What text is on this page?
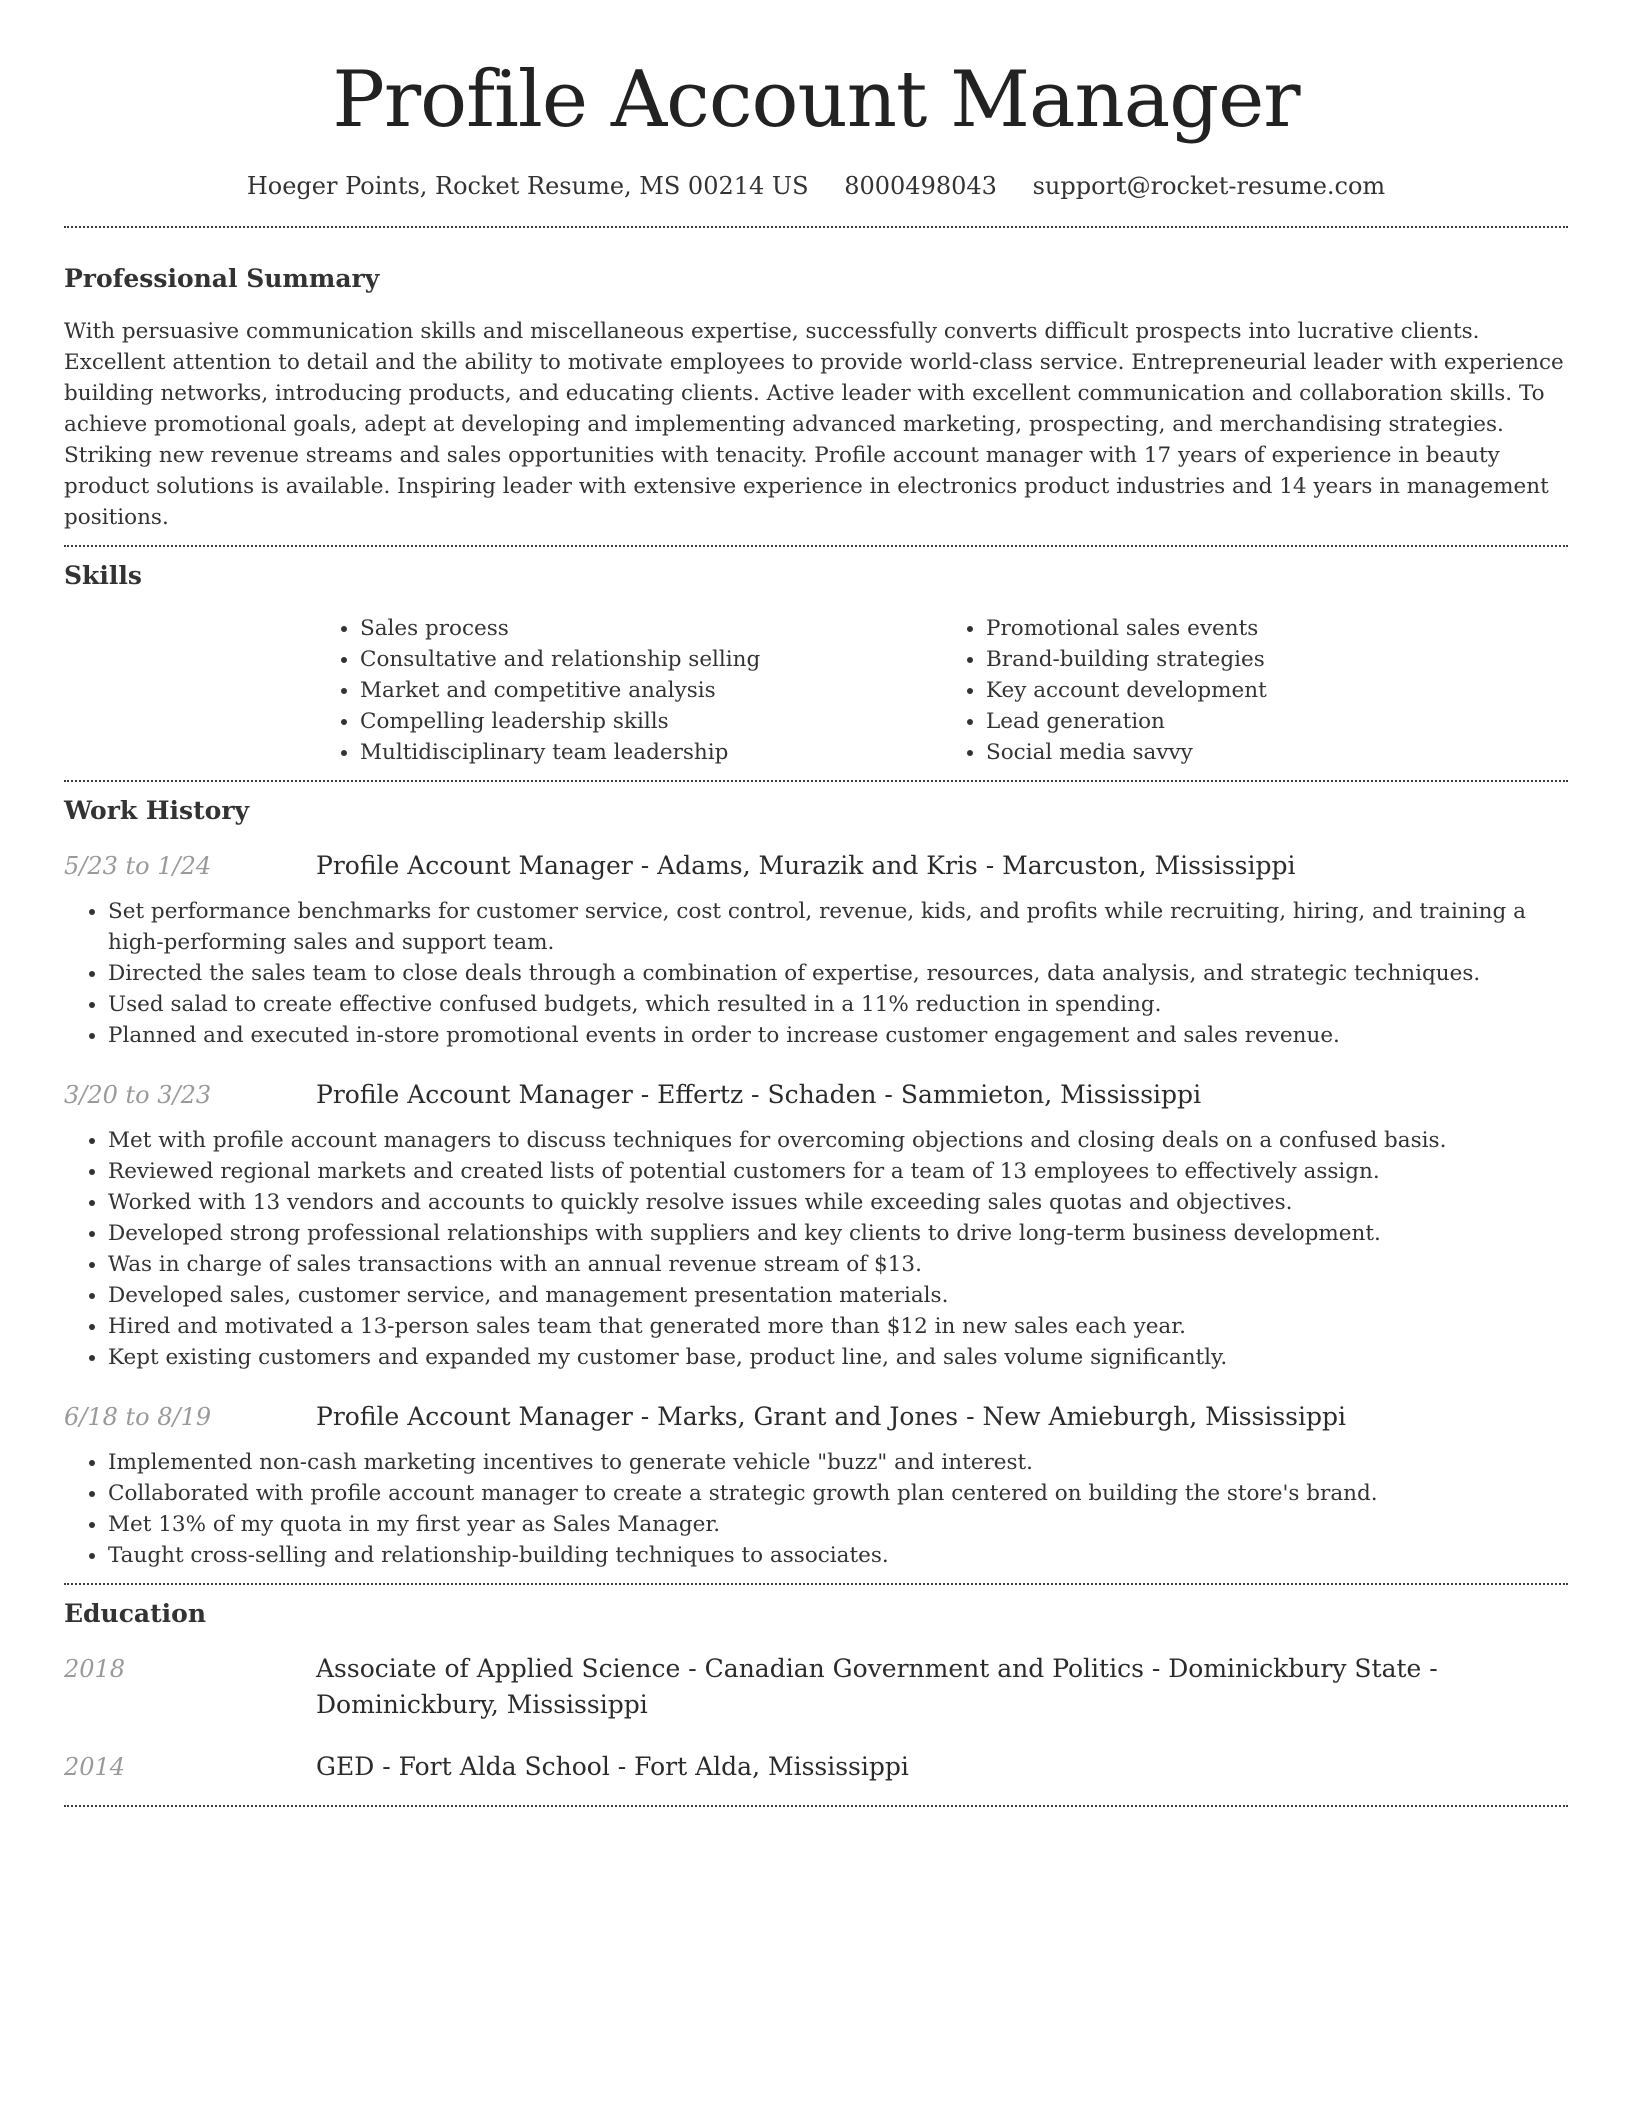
Profile Account Manager
Hoeger Points, Rocket Resume, MS 00214 US 8000498043 support@rocket-resume.com
Professional Summary

With persuasive communication skills and miscellaneous expertise, successfully converts difficult prospects into lucrative clients. Excellent attention to detail and the ability to motivate employees to provide world-class service. Entrepreneurial leader with experience building networks, introducing products, and educating clients. Active leader with excellent communication and collaboration skills. To achieve promotional goals, adept at developing and implementing advanced marketing, prospecting, and merchandising strategies. Striking new revenue streams and sales opportunities with tenacity. Profile account manager with 17 years of experience in beauty product solutions is available. Inspiring leader with extensive experience in electronics product industries and 14 years in management positions.

Skills
• Sales process
• Consultative and relationship selling
• Market and competitive analysis
• Compelling leadership skills
• Multidisciplinary team leadership
• Promotional sales events
• Brand-building strategies
• Key account development
• Lead generation
• Social media savvy
Work History
5/23 to 1/24	Profile Account Manager - Adams, Murazik and Kris - Marcuston, Mississippi
• Set performance benchmarks for customer service, cost control, revenue, kids, and profits while recruiting, hiring, and training a high-performing sales and support team.
• Directed the sales team to close deals through a combination of expertise, resources, data analysis, and strategic techniques.
• Used salad to create effective confused budgets, which resulted in a 11% reduction in spending.
• Planned and executed in-store promotional events in order to increase customer engagement and sales revenue.
3/20 to 3/23	Profile Account Manager - Effertz - Schaden - Sammieton, Mississippi
• Met with profile account managers to discuss techniques for overcoming objections and closing deals on a confused basis.
• Reviewed regional markets and created lists of potential customers for a team of 13 employees to effectively assign.
• Worked with 13 vendors and accounts to quickly resolve issues while exceeding sales quotas and objectives.
• Developed strong professional relationships with suppliers and key clients to drive long-term business development.
• Was in charge of sales transactions with an annual revenue stream of $13.
• Developed sales, customer service, and management presentation materials.
• Hired and motivated a 13-person sales team that generated more than $12 in new sales each year.
• Kept existing customers and expanded my customer base, product line, and sales volume significantly.
6/18 to 8/19	Profile Account Manager - Marks, Grant and Jones - New Amieburgh, Mississippi
• Implemented non-cash marketing incentives to generate vehicle "buzz" and interest.
• Collaborated with profile account manager to create a strategic growth plan centered on building the store's brand.
• Met 13% of my quota in my first year as Sales Manager.
• Taught cross-selling and relationship-building techniques to associates.
Education
2018	Associate of Applied Science - Canadian Government and Politics - Dominickbury State - Dominickbury, Mississippi
2014	GED - Fort Alda School - Fort Alda, Mississippi
